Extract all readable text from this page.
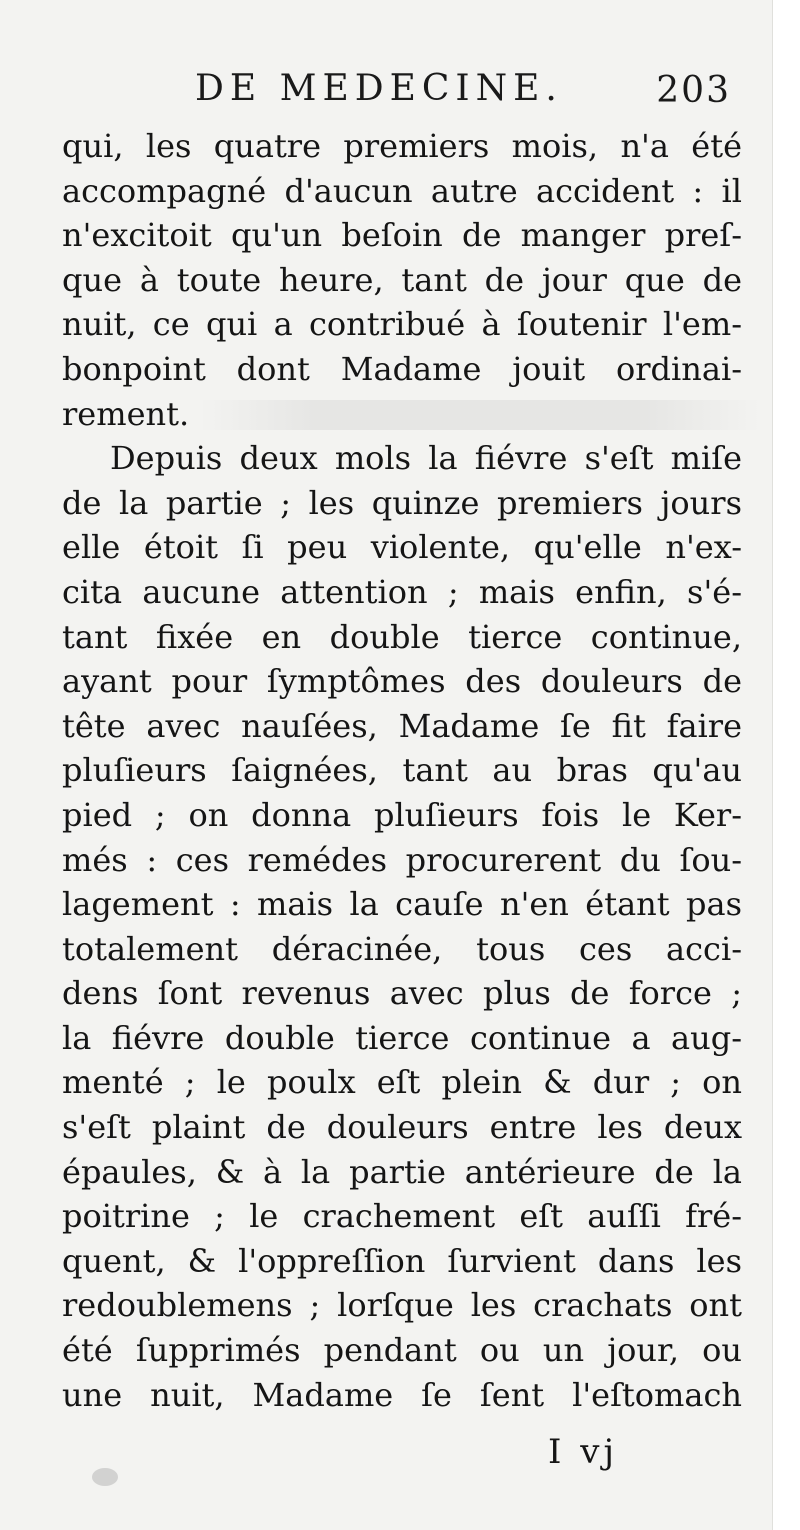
DE MEDECINE.	203
qui, les quatre premiers mois, n'a été
accompagné d'aucun autre accident : il
n'excitoit qu'un beſoin de manger preſ-
que à toute heure, tant de jour que de
nuit, ce qui a contribué à ſoutenir l'em-
bonpoint dont Madame jouit ordinai-
rement.
Depuis deux mols la fiévre s'eſt miſe
de la partie ; les quinze premiers jours
elle étoit ſi peu violente, qu'elle n'ex-
cita aucune attention ; mais enfin, s'é-
tant fixée en double tierce continue,
ayant pour ſymptômes des douleurs de
tête avec nauſées, Madame ſe fit faire
pluſieurs ſaignées, tant au bras qu'au
pied ; on donna pluſieurs fois le Ker-
més : ces remédes procurerent du ſou-
lagement : mais la cauſe n'en étant pas
totalement déracinée, tous ces acci-
dens ſont revenus avec plus de force ;
la fiévre double tierce continue a aug-
menté ; le poulx eſt plein & dur ; on
s'eſt plaint de douleurs entre les deux
épaules, & à la partie antérieure de la
poitrine ; le crachement eſt auſſi fré-
quent, & l'oppreſſion ſurvient dans les
redoublemens ; lorſque les crachats ont
été ſupprimés pendant ou un jour, ou
une nuit, Madame ſe ſent l'eſtomach
I vj
